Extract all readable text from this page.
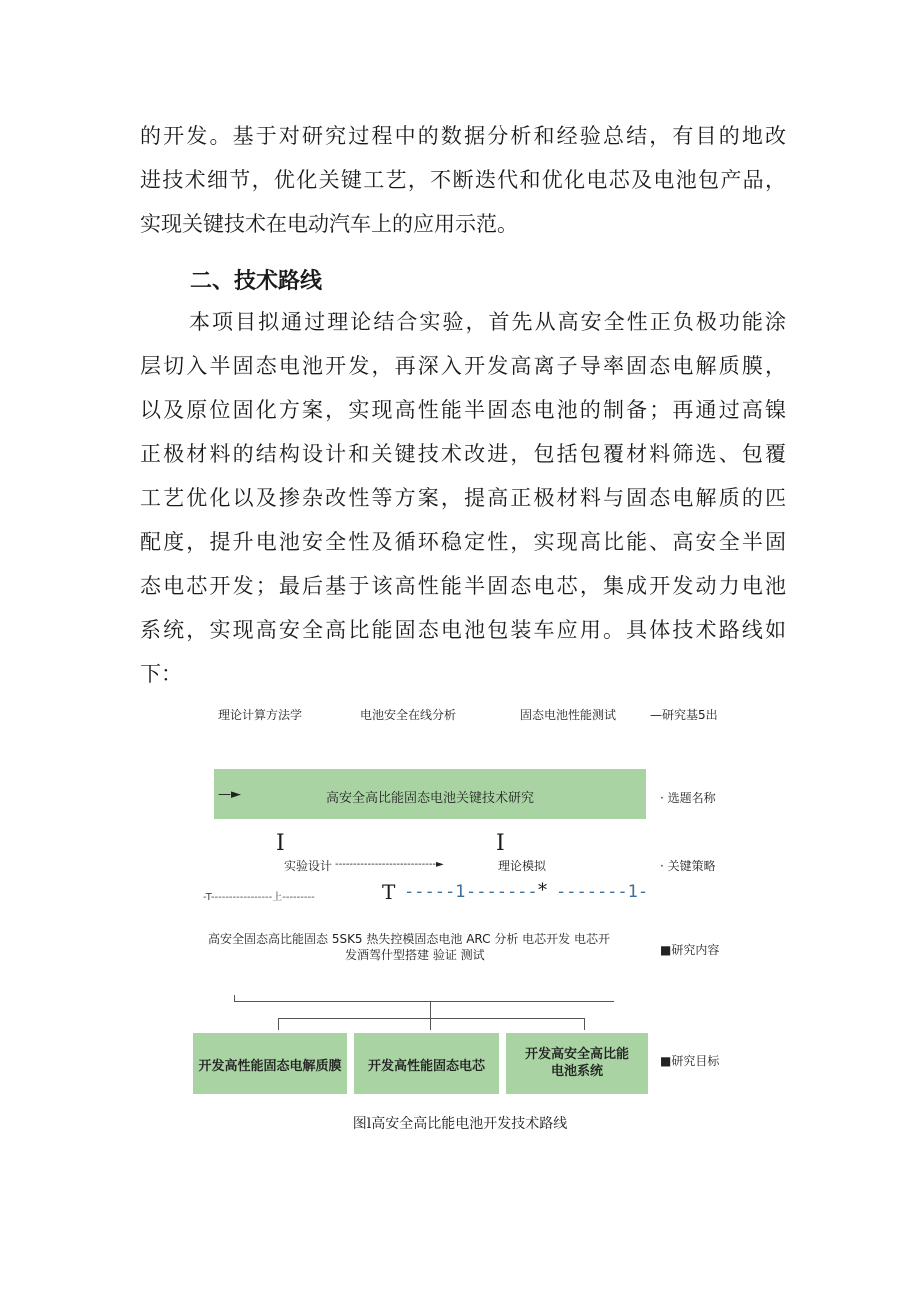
的开发。基于对研究过程中的数据分析和经验总结，有目的地改
进技术细节，优化关键工艺，不断迭代和优化电芯及电池包产品，
实现关键技术在电动汽车上的应用示范。
二、技术路线
本项目拟通过理论结合实验，首先从高安全性正负极功能涂
层切入半固态电池开发，再深入开发高离子导率固态电解质膜，
以及原位固化方案，实现高性能半固态电池的制备；再通过高镍
正极材料的结构设计和关键技术改进，包括包覆材料筛选、包覆
工艺优化以及掺杂改性等方案，提高正极材料与固态电解质的匹
配度，提升电池安全性及循环稳定性，实现高比能、高安全半固
态电芯开发；最后基于该高性能半固态电芯，集成开发动力电池
系统，实现高安全高比能固态电池包装车应用。具体技术路线如
下：
理论计算方法学	电池安全在线分析	固态电池性能测试	—研究基5出
—►	高安全高比能固态电池关键技术研究	· 选题名称
I	I
实验设计 ----------------------------►	理论模拟	· 关键策略
-T-----------------上---------	T -----1 ------- * -------1-
高安全固态高比能固态 5SK5 热失控模固态电池 ARC 分析 电芯开发 电芯开
发酒驾什型搭建 验证 测试	■研究内容
开发高性能固态电解质膜	开发高性能固态电芯
开发高安全高比能电池系统
■研究目标
图l高安全高比能电池开发技术路线
